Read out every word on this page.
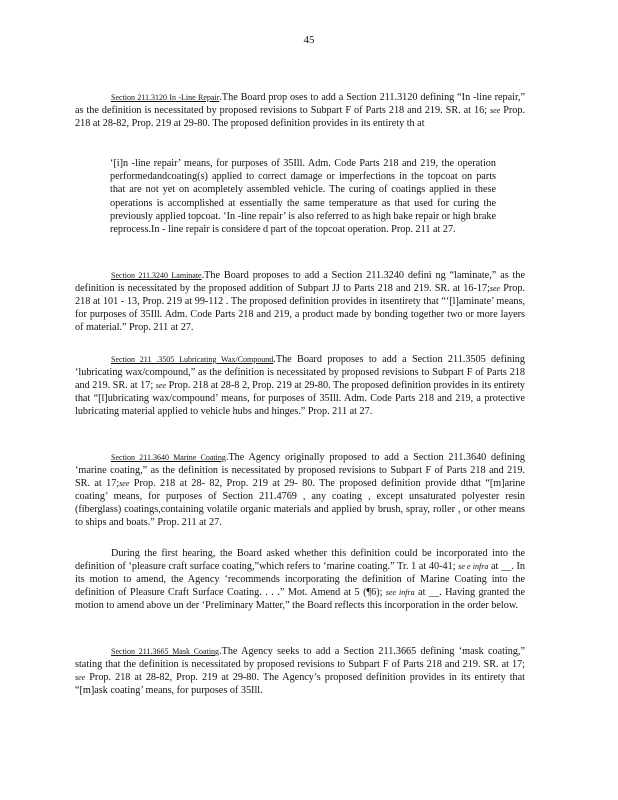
45
Section 211.3120 In -Line Repair.The Board prop oses to add a Section 211.3120 defining “In -line repair,” as the definition is necessitated by proposed revisions to Subpart F of Parts 218 and 219. SR. at 16; see Prop. 218 at 28-82, Prop. 219 at 29-80. The proposed definition provides in its entirety th at
‘[i]n -line repair’ means, for purposes of 35Ill. Adm. Code Parts 218 and 219, the operation performedandcoating(s) applied to correct damage or imperfections in the topcoat on parts that are not yet on acompletely assembled vehicle. The curing of coatings applied in these operations is accomplished at essentially the same temperature as that used for curing the previously applied topcoat. ‘In -line repair’ is also referred to as high bake repair or high brake reprocess.In - line repair is considere d part of the topcoat operation. Prop. 211 at 27.
Section 211.3240 Laminate.The Board proposes to add a Section 211.3240 defini ng “laminate,” as the definition is necessitated by the proposed addition of Subpart JJ to Parts 218 and 219. SR. at 16-17;see Prop. 218 at 101 - 13, Prop. 219 at 99-112 . The proposed definition provides in itsentirety that “‘[l]aminate’ means, for purposes of 35Ill. Adm. Code Parts 218 and 219, a product made by bonding together two or more layers of material.” Prop. 211 at 27.
Section 211 .3505 Lubricating Wax/Compound.The Board proposes to add a Section 211.3505 defining ‘lubricating wax/compound,” as the definition is necessitated by proposed revisions to Subpart F of Parts 218 and 219. SR. at 17; see Prop. 218 at 28-8 2, Prop. 219 at 29-80. The proposed definition provides in its entirety that “[l]ubricating wax/compound’ means, for purposes of 35Ill. Adm. Code Parts 218 and 219, a protective lubricating material applied to vehicle hubs and hinges.” Prop. 211 at 27.
Section 211.3640 Marine Coating.The Agency originally proposed to add a Section 211.3640 defining ‘marine coating,” as the definition is necessitated by proposed revisions to Subpart F of Parts 218 and 219. SR. at 17;see Prop. 218 at 28- 82, Prop. 219 at 29- 80. The proposed definition provide dthat “[m]arine coating’ means, for purposes of Section 211.4769 , any coating , except unsaturated polyester resin (fiberglass) coatings,containing volatile organic materials and applied by brush, spray, roller , or other means to ships and boats.” Prop. 211 at 27.
During the first hearing, the Board asked whether this definition could be incorporated into the definition of ‘pleasure craft surface coating,”which refers to ‘marine coating.” Tr. 1 at 40-41; se e infra at __. In its motion to amend, the Agency ‘recommends incorporating the definition of Marine Coating into the definition of Pleasure Craft Surface Coating. . . .” Mot. Amend at 5 (¶6); see infra at __. Having granted the motion to amend above un der ‘Preliminary Matter,” the Board reflects this incorporation in the order below.
Section 211.3665 Mask Coating.The Agency seeks to add a Section 211.3665 defining ‘mask coating,” stating that the definition is necessitated by proposed revisions to Subpart F of Parts 218 and 219. SR. at 17; see Prop. 218 at 28-82, Prop. 219 at 29-80. The Agency’s proposed definition provides in its entirety that “[m]ask coating’ means, for purposes of 35Ill.
